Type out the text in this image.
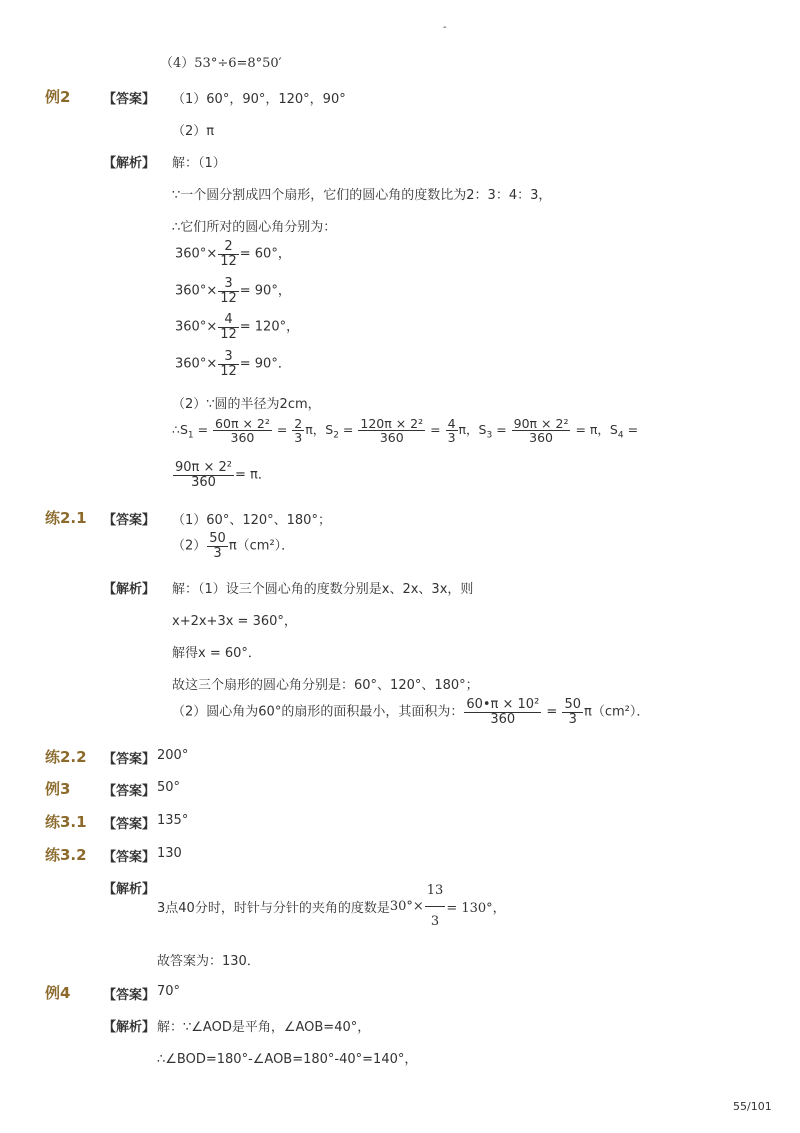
-
（4）53°÷6=8°50′
例2	【答案】 （1）60°，90°，120°，90°
（2）π
【解析】 解：（1）
∵一个圆分割成四个扇形，它们的圆心角的度数比为2：3：4：3，
∴它们所对的圆心角分别为：
$360^\circ\times \frac{2}{12} = 60^\circ$，
$360^\circ\times \frac{3}{12} = 90^\circ$，
$360^\circ\times \frac{4}{12} = 120^\circ$，
$360^\circ\times \frac{3}{12} = 90^\circ$．
（2）∵圆的半径为2cm，
$\therefore S_1 = \frac{\text{60π × 2²}}{360} = \frac{2}{3}$ π，$S_2 = \frac{\text{120π × 2²}}{360} = \frac{4}{3}$ π，$S_3 = \frac{\text{90π × 2²}}{360} = \pi$，$S_4$ =
$\frac{\text{90π × 2²}}{360} = \pi$．
练2.1 【答案】 （1）60°、120°、180°；
$(2) \frac{50}{3} \pi(cm^2)$．
【解析】 解：（1）设三个圆心角的度数分别是x、2x、3x，则
x+2x+3x = 360°，
解得x = 60°．
故这三个扇形的圆心角分别是：60°、120°、180°；
（2）圆心角为60°的扇形的面积最小，其面积为： $\frac{\text{60•π × 10²}}{360} = \frac{50}{3} \pi(cm^2)$．
练2.2 【答案】 200°
例3	【答案】 50°
练3.1 【答案】 135°
练3.2 【答案】 130
【解析】
3点40分时，时针与分针的夹角的度数是$30^\circ\times \frac{13}{3} = 130^\circ$，
故答案为：130．
例4	【答案】 70°
【解析】 解：∵∠AOD是平角，∠AOB=40°，
∴∠BOD=180°-∠AOB=180°-40°=140°，
55/101
